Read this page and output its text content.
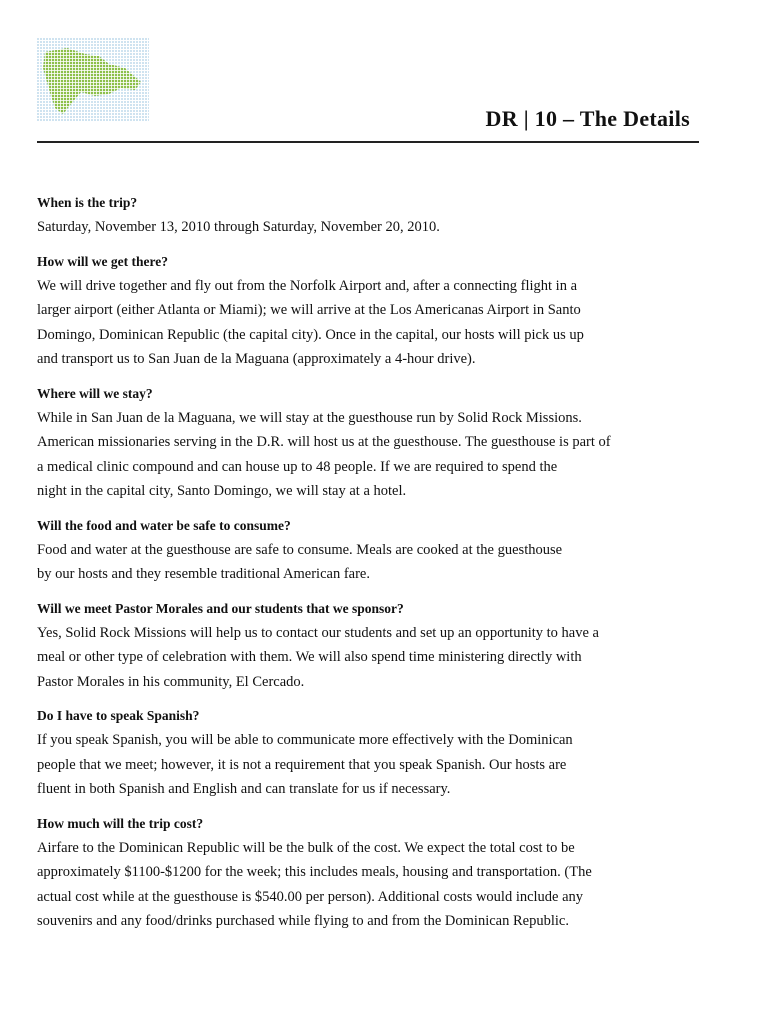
DR | 10 – The Details
When is the trip?
Saturday, November 13, 2010 through Saturday, November 20, 2010.
How will we get there?
We will drive together and fly out from the Norfolk Airport and, after a connecting flight in a
larger airport (either Atlanta or Miami); we will arrive at the Los Americanas Airport in Santo
Domingo, Dominican Republic (the capital city). Once in the capital, our hosts will pick us up
and transport us to San Juan de la Maguana (approximately a 4-hour drive).
Where will we stay?
While in San Juan de la Maguana, we will stay at the guesthouse run by Solid Rock Missions.
American missionaries serving in the D.R. will host us at the guesthouse. The guesthouse is part of
a medical clinic compound and can house up to 48 people. If we are required to spend the
night in the capital city, Santo Domingo, we will stay at a hotel.
Will the food and water be safe to consume?
Food and water at the guesthouse are safe to consume. Meals are cooked at the guesthouse
by our hosts and they resemble traditional American fare.
Will we meet Pastor Morales and our students that we sponsor?
Yes, Solid Rock Missions will help us to contact our students and set up an opportunity to have a
meal or other type of celebration with them. We will also spend time ministering directly with
Pastor Morales in his community, El Cercado.
Do I have to speak Spanish?
If you speak Spanish, you will be able to communicate more effectively with the Dominican
people that we meet; however, it is not a requirement that you speak Spanish. Our hosts are
fluent in both Spanish and English and can translate for us if necessary.
How much will the trip cost?
Airfare to the Dominican Republic will be the bulk of the cost. We expect the total cost to be
approximately $1100-$1200 for the week; this includes meals, housing and transportation. (The
actual cost while at the guesthouse is $540.00 per person). Additional costs would include any
souvenirs and any food/drinks purchased while flying to and from the Dominican Republic.
